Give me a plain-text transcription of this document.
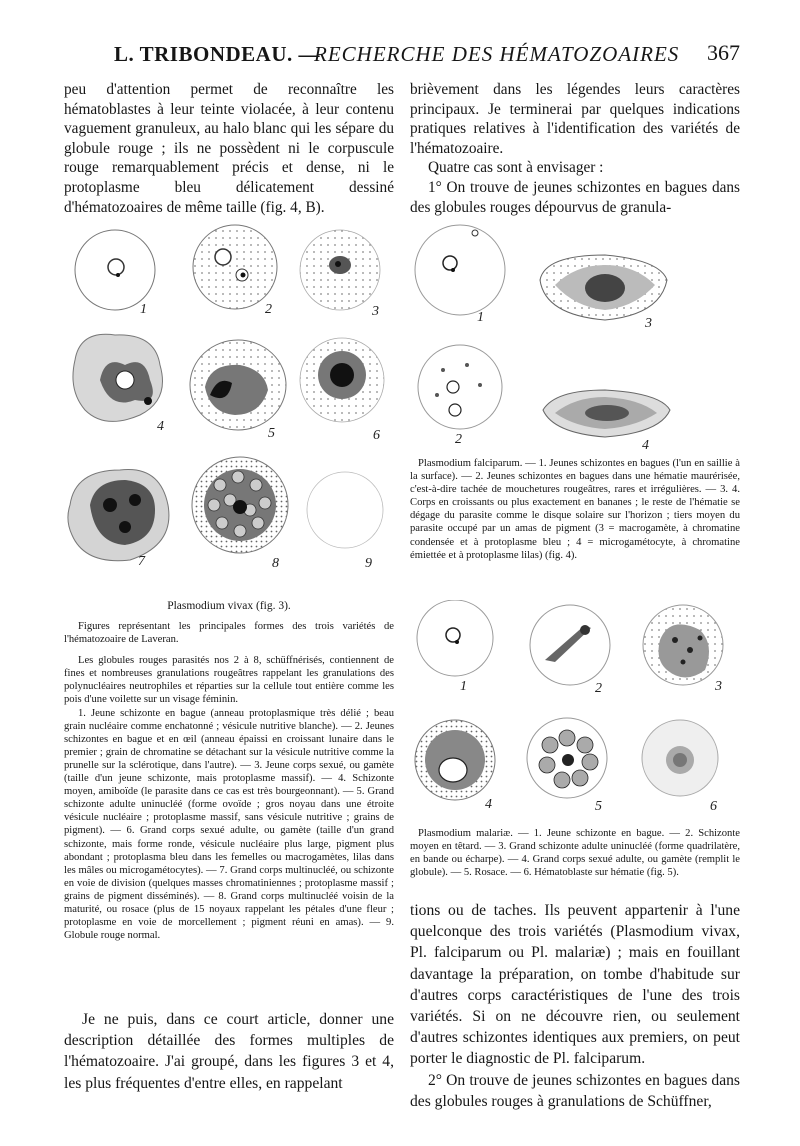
L. TRIBONDEAU. —
RECHERCHE DES HÉMATOZOAIRES 367

peu d'attention permet de reconnaître les hématoblastes à leur teinte violacée, à leur contenu vaguement granuleux, au halo blanc qui les sépare du globule rouge ; ils ne possèdent ni le corpuscule rouge remarquablement précis et dense, ni le protoplasme bleu délicatement dessiné d'hématozoaires de même taille (fig. 4, B).

brièvement dans les légendes leurs caractères principaux. Je terminerai par quelques indications pratiques relatives à l'identification des variétés de l'hématozoaire.

Quatre cas sont à envisager :

1° On trouve de jeunes schizontes en bagues dans des globules rouges dépourvus de granula-

1	2	3
4	5	6
7	8	9
Plasmodium vivax (fig. 3).

Figures représentant les principales formes des trois variétés de l'hématozoaire de Laveran.

Les globules rouges parasités nos 2 à 8, schüffnérisés, contiennent de fines et nombreuses granulations rougeâtres rappelant les granulations des polynucléaires neutrophiles et réparties sur la cellule tout entière comme les pois d'une voilette sur un visage féminin.

1. Jeune schizonte en bague (anneau protoplasmique très délié ; beau grain nucléaire comme enchatonné ; vésicule nutritive blanche). — 2. Jeunes schizontes en bague et en œil (anneau épaissi en croissant lunaire dans le premier ; grain de chromatine se détachant sur la vésicule nutritive comme la prunelle sur la sclérotique, dans l'autre). — 3. Jeune corps sexué, ou gamète (taille d'un jeune schizonte, mais protoplasme massif). — 4. Schizonte moyen, amiboïde (le parasite dans ce cas est très bourgeonnant). — 5. Grand schizonte adulte uninucléé (forme ovoïde ; gros noyau dans une étroite vésicule nucléaire ; protoplasme massif, sans vésicule nutritive ; grains de pigment). — 6. Grand corps sexué adulte, ou gamète (taille d'un grand schizonte, mais forme ronde, vésicule nucléaire plus large, pigment plus abondant ; protoplasma bleu dans les femelles ou macrogamètes, lilas dans les mâles ou microgamétocytes). — 7. Grand corps multinucléé, ou schizonte en voie de division (quelques masses chromatiniennes ; protoplasme massif ; grains de pigment disséminés). — 8. Grand corps multinucléé voisin de la maturité, ou rosace (plus de 15 noyaux rappelant les pétales d'une fleur ; protoplasme en voie de morcellement ; pigment réuni en amas). — 9. Globule rouge normal.

1	3
2	4

Plasmodium falciparum. — 1. Jeunes schizontes en bagues (l'un en saillie à la surface). — 2. Jeunes schizontes en bagues dans une hématie maurérisée, c'est-à-dire tachée de mouchetures rougeâtres, rares et irrégulières. — 3. 4. Corps en croissants ou plus exactement en bananes ; le reste de l'hématie se dégage du parasite comme le disque solaire sur l'horizon ; tiers moyen du parasite occupé par un amas de pigment (3 = macrogamète, à chromatine condensée et à protoplasme bleu ; 4 = microgamétocyte, à chromatine émiettée et à protoplasme lilas) (fig. 4).

1	2	3
4	5	6

Plasmodium malariæ. — 1. Jeune schizonte en bague. — 2. Schizonte moyen en têtard. — 3. Grand schizonte adulte uninucléé (forme quadrilatère, en bande ou écharpe). — 4. Grand corps sexué adulte, ou gamète (remplit le globule). — 5. Rosace. — 6. Hématoblaste sur hématie (fig. 5).

Je ne puis, dans ce court article, donner une description détaillée des formes multiples de l'hématozoaire. J'ai groupé, dans les figures 3 et 4, les plus fréquentes d'entre elles, en rappelant

tions ou de taches. Ils peuvent appartenir à l'une quelconque des trois variétés (Plasmodium vivax, Pl. falciparum ou Pl. malariæ) ; mais en fouillant davantage la préparation, on tombe d'habitude sur d'autres corps caractéristiques de l'une des trois variétés. Si on ne découvre rien, ou seulement d'autres schizontes identiques aux premiers, on peut porter le diagnostic de Pl. falciparum.

2° On trouve de jeunes schizontes en bagues dans des globules rouges à granulations de Schüffner,
